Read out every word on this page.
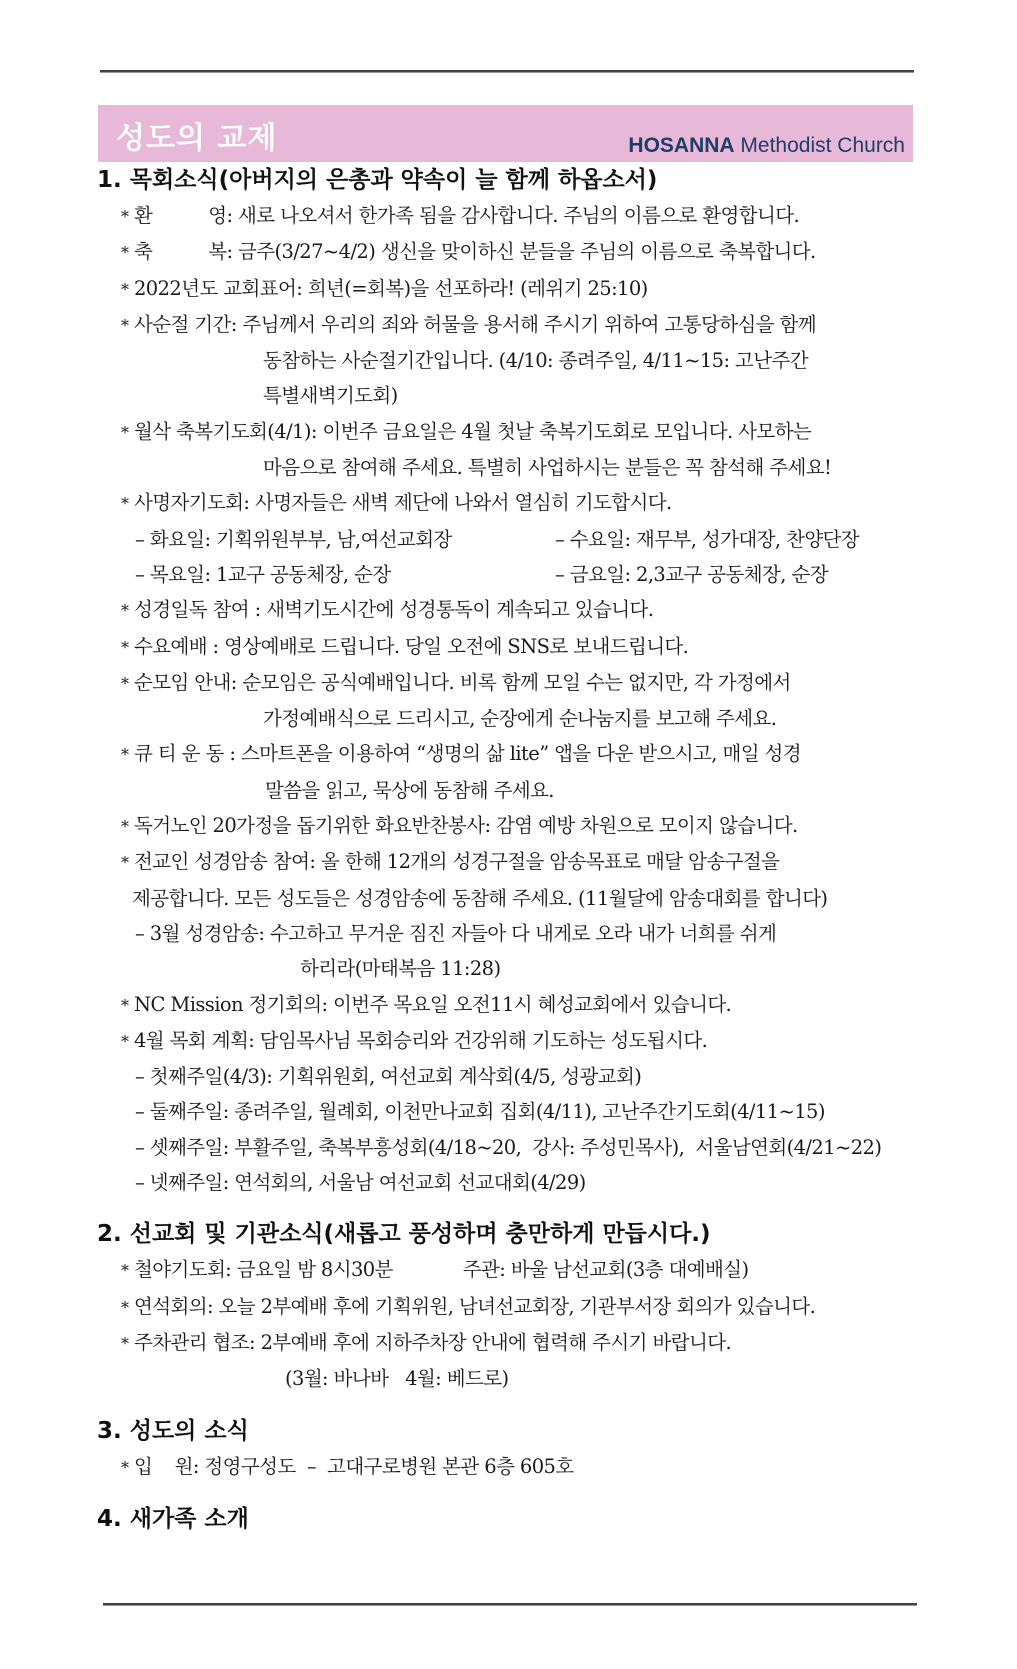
성도의 교제	HOSANNA Methodist Church
1. 목회소식(아버지의 은총과 약속이 늘 함께 하옵소서)
* 환          영: 새로 나오셔서 한가족 됨을 감사합니다. 주님의 이름으로 환영합니다.
* 축          복: 금주(3/27~4/2) 생신을 맞이하신 분들을 주님의 이름으로 축복합니다.
* 2022년도 교회표어: 희년(=회복)을 선포하라! (레위기 25:10)
* 사순절 기간: 주님께서 우리의 죄와 허물을 용서해 주시기 위하여 고통당하심을 함께
동참하는 사순절기간입니다. (4/10: 종려주일, 4/11~15: 고난주간
특별새벽기도회)
* 월삭 축복기도회(4/1): 이번주 금요일은 4월 첫날 축복기도회로 모입니다. 사모하는
마음으로 참여해 주세요. 특별히 사업하시는 분들은 꼭 참석해 주세요!
* 사명자기도회: 사명자들은 새벽 제단에 나와서 열심히 기도합시다.
– 화요일: 기획위원부부, 남,여선교회장	– 수요일: 재무부, 성가대장, 찬양단장
– 목요일: 1교구 공동체장, 순장	– 금요일: 2,3교구 공동체장, 순장
* 성경일독 참여 : 새벽기도시간에 성경통독이 계속되고 있습니다.
* 수요예배 : 영상예배로 드립니다. 당일 오전에 SNS로 보내드립니다.
* 순모임 안내: 순모임은 공식예배입니다. 비록 함께 모일 수는 없지만, 각 가정에서
가정예배식으로 드리시고, 순장에게 순나눔지를 보고해 주세요.
* 큐 티 운 동 : 스마트폰을 이용하여 “생명의 삶 lite” 앱을 다운 받으시고, 매일 성경
말씀을 읽고, 묵상에 동참해 주세요.
* 독거노인 20가정을 돕기위한 화요반찬봉사: 감염 예방 차원으로 모이지 않습니다.
* 전교인 성경암송 참여: 올 한해 12개의 성경구절을 암송목표로 매달 암송구절을
제공합니다. 모든 성도들은 성경암송에 동참해 주세요. (11월달에 암송대회를 합니다)
– 3월 성경암송: 수고하고 무거운 짐진 자들아 다 내게로 오라 내가 너희를 쉬게
하리라(마태복음 11:28)
* NC Mission 정기회의: 이번주 목요일 오전11시 혜성교회에서 있습니다.
* 4월 목회 계획: 담임목사님 목회승리와 건강위해 기도하는 성도됩시다.
– 첫째주일(4/3): 기획위원회, 여선교회 계삭회(4/5, 성광교회)
– 둘째주일: 종려주일, 월례회, 이천만나교회 집회(4/11), 고난주간기도회(4/11~15)
– 셋째주일: 부활주일, 축복부흥성회(4/18~20,  강사: 주성민목사),  서울남연회(4/21~22)
– 넷째주일: 연석회의, 서울남 여선교회 선교대회(4/29)
2. 선교회 및 기관소식(새롭고 풍성하며 충만하게 만듭시다.)
* 철야기도회: 금요일 밤 8시30분	주관: 바울 남선교회(3층 대예배실)
* 연석회의: 오늘 2부예배 후에 기획위원, 남녀선교회장, 기관부서장 회의가 있습니다.
* 주차관리 협조: 2부예배 후에 지하주차장 안내에 협력해 주시기 바랍니다.
(3월: 바나바   4월: 베드로)
3. 성도의 소식
* 입    원: 정영구성도  –  고대구로병원 본관 6층 605호
4. 새가족 소개
